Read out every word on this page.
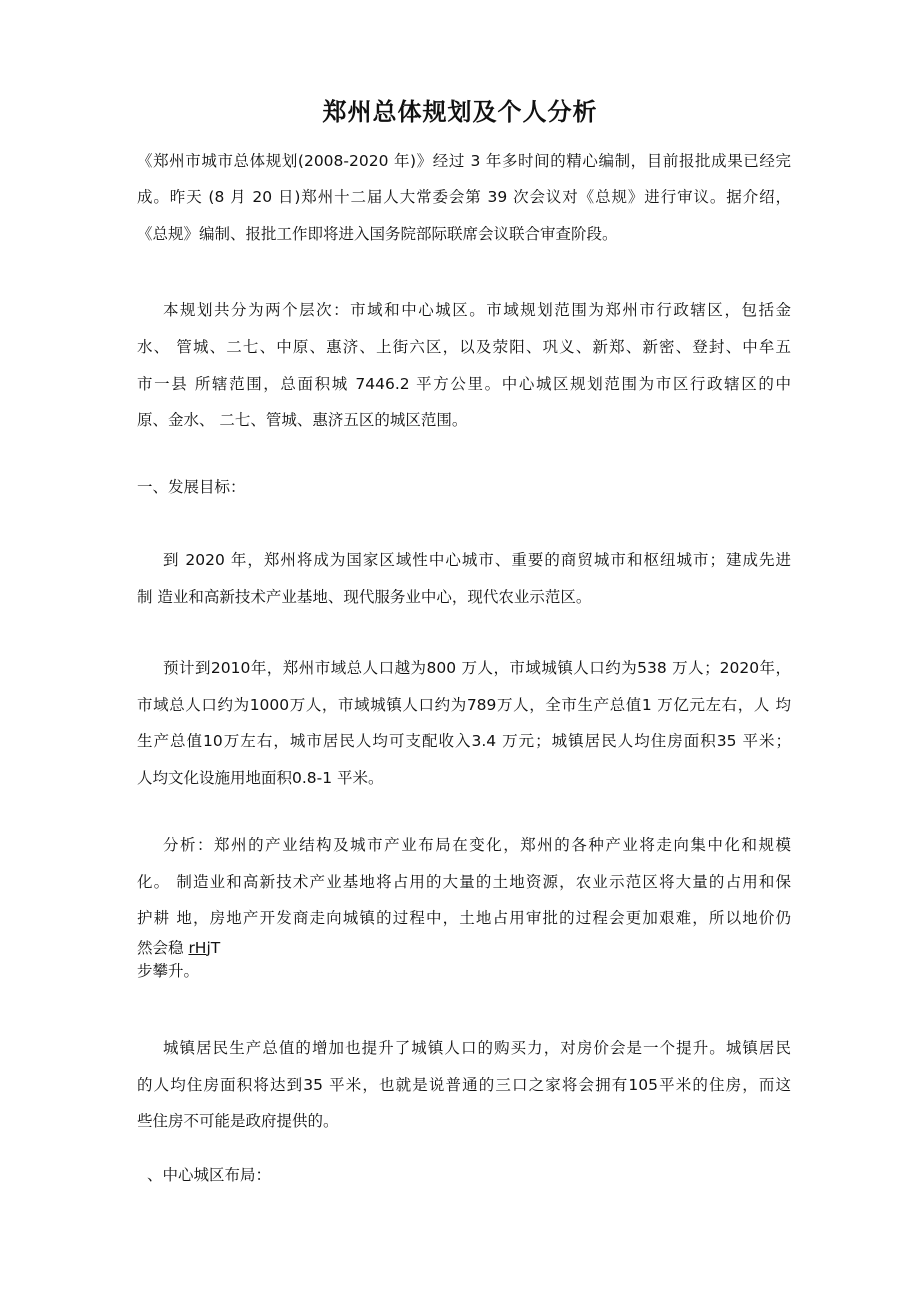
郑州总体规划及个人分析
《郑州市城市总体规划(2008-2020 年)》经过 3 年多时间的精心编制，目前报批成果已经完
成。昨天 (8 月 20 日)郑州十二届人大常委会第 39 次会议对《总规》进行审议。据介绍，
《总规》编制、报批工作即将进入国务院部际联席会议联合审查阶段。
本规划共分为两个层次：市域和中心城区。市域规划范围为郑州市行政辖区，包括金
水、 管城、二七、中原、惠济、上街六区，以及荥阳、巩义、新郑、新密、登封、中牟五
市一县 所辖范围，总面积城 7446.2 平方公里。中心城区规划范围为市区行政辖区的中
原、金水、 二七、管城、惠济五区的城区范围。
一、发展目标：
到 2020 年，郑州将成为国家区域性中心城市、重要的商贸城市和枢纽城市；建成先进
制 造业和高新技术产业基地、现代服务业中心，现代农业示范区。
预计到2010年，郑州市域总人口越为800 万人，市域城镇人口约为538 万人；2020年，
市域总人口约为1000万人，市域城镇人口约为789万人，全市生产总值1 万亿元左右，人 均
生产总值10万左右，城市居民人均可支配收入3.4 万元；城镇居民人均住房面积35 平米；
人均文化设施用地面积0.8-1 平米。
分析：郑州的产业结构及城市产业布局在变化，郑州的各种产业将走向集中化和规模
化。 制造业和高新技术产业基地将占用的大量的土地资源，农业示范区将大量的占用和保
护耕 地，房地产开发商走向城镇的过程中，土地占用审批的过程会更加艰难，所以地价仍
然会稳 rHjT
步攀升。
城镇居民生产总值的增加也提升了城镇人口的购买力，对房价会是一个提升。城镇居民
的人均住房面积将达到35 平米，也就是说普通的三口之家将会拥有105平米的住房，而这
些住房不可能是政府提供的。
、中心城区布局：
